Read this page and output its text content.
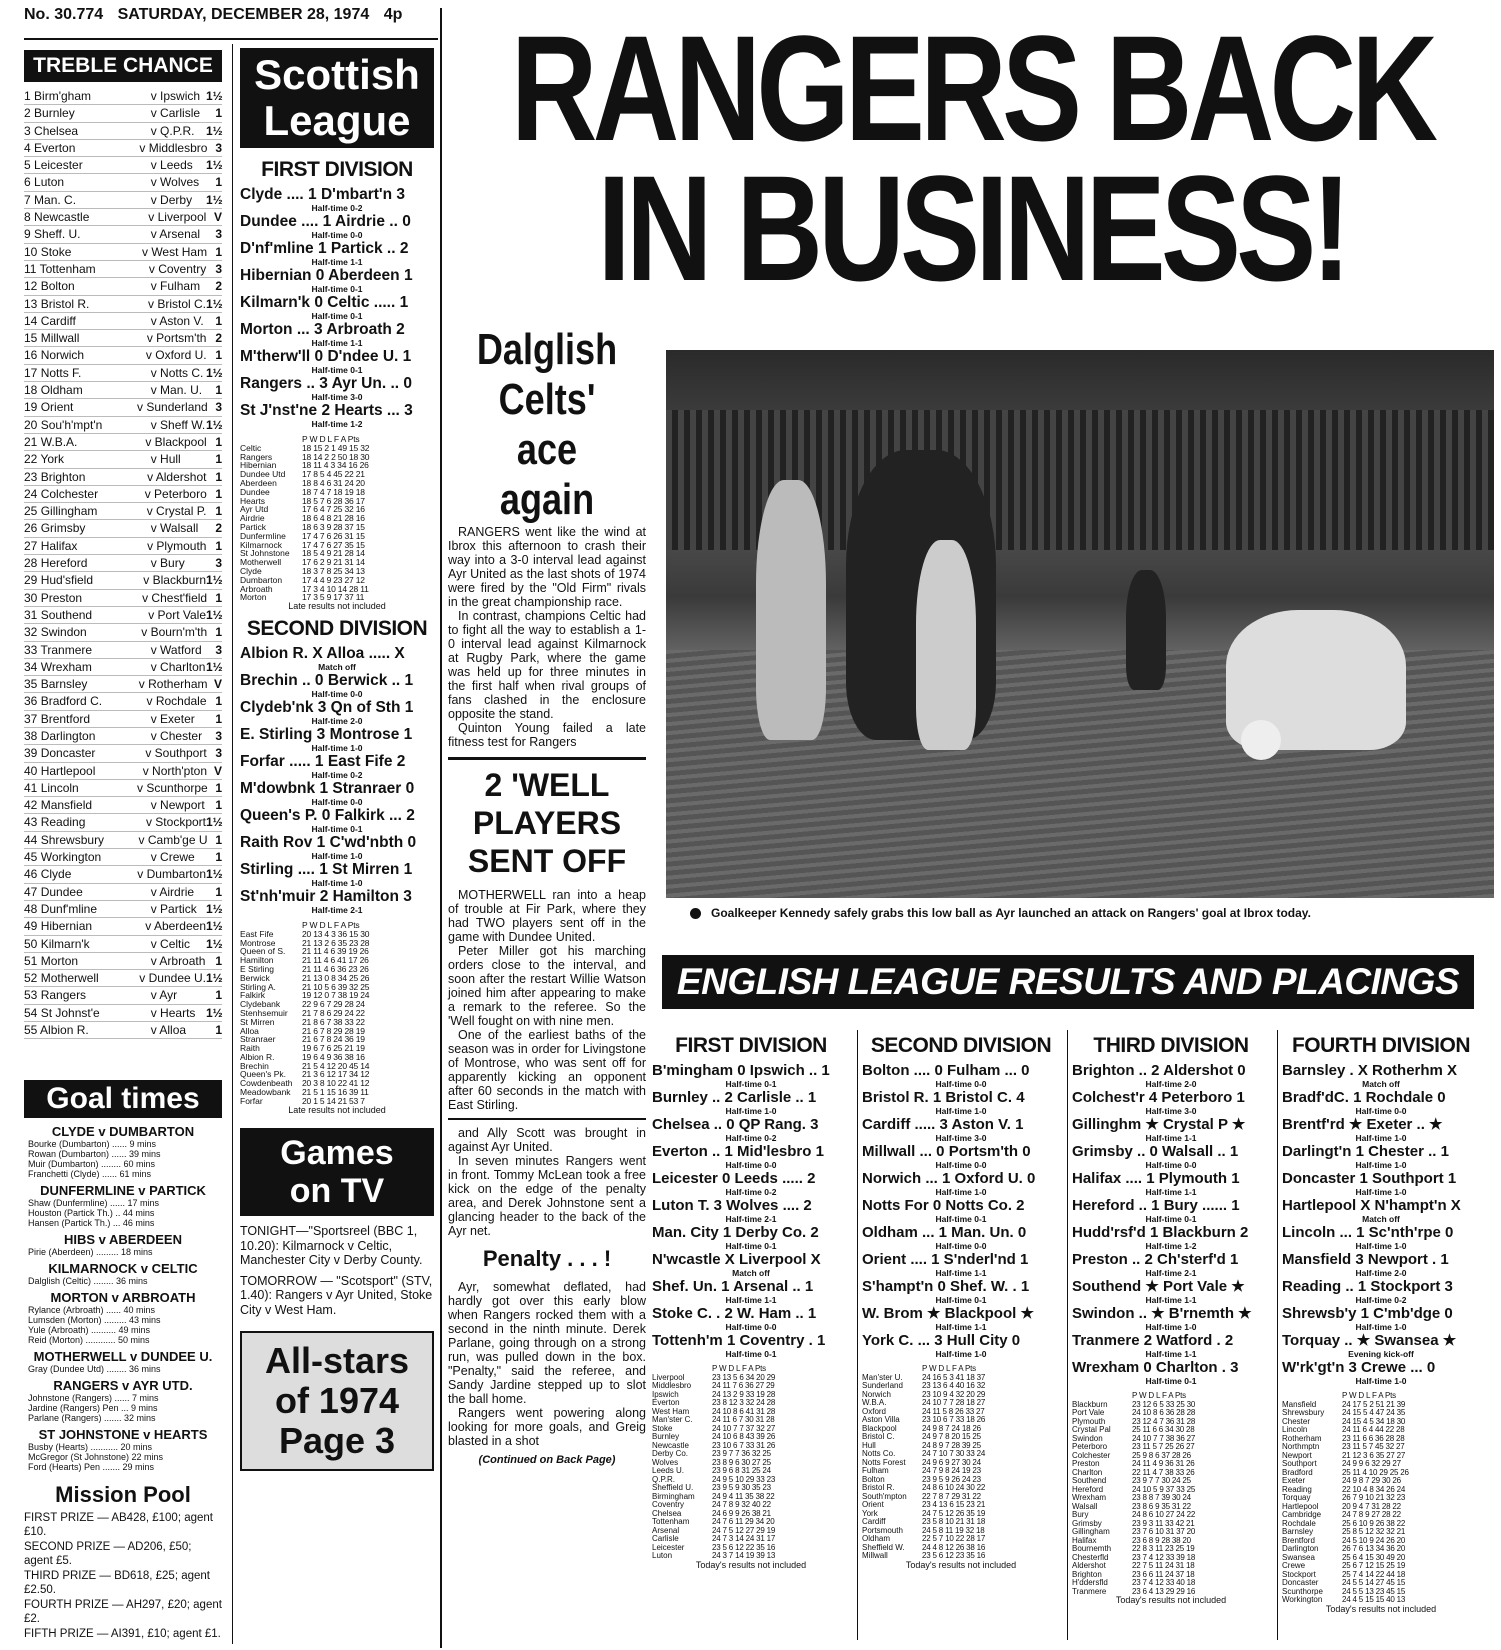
No. 30.774 SATURDAY, DECEMBER 28, 1974 4p
TREBLE CHANCE
1 Birm'gham	v Ipswich 1½
2 Burnley	v Carlisle	1
3 Chelsea	v Q.P.R. 1½
4 Everton	v Middlesbro 3
5 Leicester	v Leeds	1½
6 Luton	v Wolves	1
7 Man. C.	v Derby	1½
8 Newcastle	v Liverpool V
9 Sheff. U.	v Arsenal	3
10 Stoke	v West Ham 1
11 Tottenham	v Coventry 3
12 Bolton	v Fulham	2
13 Bristol R.	v Bristol C. 1½
14 Cardiff	v Aston V. 1
15 Millwall	v Portsm'th 2
16 Norwich	v Oxford U. 1
17 Notts F.	v Notts C. 1½
18 Oldham	v Man. U.	1
19 Orient	v Sunderland 3
20 Sou'h'mpt'n	v Sheff W. 1½
21 W.B.A.	v Blackpool 1
22 York	v Hull	1
23 Brighton	v Aldershot 1
24 Colchester	v Peterboro 1
25 Gillingham	v Crystal P. 1
26 Grimsby	v Walsall	2
27 Halifax	v Plymouth 1
28 Hereford	v Bury	3
29 Hud'sfield	v Blackburn 1½
30 Preston	v Chest'field 1
31 Southend	v Port Vale 1½
32 Swindon	v Bourn'm'th 1
33 Tranmere	v Watford	3
34 Wrexham	v Charlton 1½
35 Barnsley	v Rotherham V
36 Bradford C.	v Rochdale 1
37 Brentford	v Exeter	1
38 Darlington	v Chester	3
39 Doncaster	v Southport 3
40 Hartlepool	v North'pton V
41 Lincoln	v Scunthorpe 1
42 Mansfield	v Newport 1
43 Reading	v Stockport 1½
44 Shrewsbury	v Camb'ge U 1
45 Workington	v Crewe	1
46 Clyde	v Dumbarton 1½
47 Dundee	v Airdrie	1
48 Dunf'mline	v Partick 1½
49 Hibernian	v Aberdeen 1½
50 Kilmarn'k	v Celtic	1½
51 Morton	v Arbroath 1
52 Motherwell	v Dundee U. 1½
53 Rangers	v Ayr	1
54 St Johnst'e	v Hearts 1½
55 Albion R.	v Alloa	1
Goal times
CLYDE v DUMBARTON
Bourke (Dumbarton) ...... 9 mins
Rowan (Dumbarton) ...... 39 mins
Muir (Dumbarton) ........ 60 mins
Franchetti (Clyde) ...... 61 mins
DUNFERMLINE v PARTICK
Shaw (Dunfermline) ...... 17 mins
Houston (Partick Th.) .. 44 mins
Hansen (Partick Th.) ... 46 mins
HIBS v ABERDEEN
Pirie (Aberdeen) ......... 18 mins
KILMARNOCK v CELTIC
Dalglish (Celtic) ........ 36 mins
MORTON v ARBROATH
Rylance (Arbroath) ...... 40 mins
Lumsden (Morton) ......... 43 mins
Yule (Arbroath) .......... 49 mins
Reid (Morton) ............ 50 mins
MOTHERWELL v DUNDEE U.
Gray (Dundee Utd) ........ 36 mins
RANGERS v AYR UTD.
Johnstone (Rangers) ...... 7 mins
Jardine (Rangers) Pen ... 9 mins
Parlane (Rangers) ....... 32 mins
ST JOHNSTONE v HEARTS
Busby (Hearts) ........... 20 mins
McGregor (St Johnstone) 22 mins
Ford (Hearts) Pen ....... 29 mins
Mission Pool
FIRST PRIZE — AB428, £100; agent £10.
SECOND PRIZE — AD206, £50; agent £5.
THIRD PRIZE — BD618, £25; agent £2.50.
FOURTH PRIZE — AH297, £20; agent £2.
FIFTH PRIZE — AI391, £10; agent £1.
Scottish
League
FIRST DIVISION
Clyde .... 1 D'mbart'n 3
Half-time 0-2
Dundee .... 1 Airdrie .. 0
Half-time 0-0
D'nf'mline 1 Partick .. 2
Half-time 1-1
Hibernian 0 Aberdeen 1
Half-time 0-1
Kilmarn'k 0 Celtic ..... 1
Half-time 0-1
Morton ... 3 Arbroath 2
Half-time 1-1
M'therw'll 0 D'ndee U. 1
Half-time 0-1
Rangers .. 3 Ayr Un. .. 0
Half-time 3-0
St J'nst'ne 2 Hearts ... 3
Half-time 1-2
P W D L F A Pts
Celtic	18 15 2 1 49 15 32
Rangers	18 14 2 2 50 18 30
Hibernian	18 11 4 3 34 16 26
Dundee Utd	17 8 5 4 45 22 21
Aberdeen	18 8 4 6 31 24 20
Dundee	18 7 4 7 18 19 18
Hearts	18 5 7 6 28 36 17
Ayr Utd	17 6 4 7 25 32 16
Airdrie	18 6 4 8 21 28 16
Partick	18 6 3 9 28 37 15
Dunfermline	17 4 7 6 26 31 15
Kilmarnock	17 4 7 6 27 35 15
St Johnstone	18 5 4 9 21 28 14
Motherwell	17 6 2 9 21 31 14
Clyde	18 3 7 8 25 34 13
Dumbarton	17 4 4 9 23 27 12
Arbroath	17 3 4 10 14 28 11
Morton	17 3 5 9 17 37 11
Late results not included
SECOND DIVISION
Albion R. X Alloa ..... X
Match off
Brechin .. 0 Berwick .. 1
Half-time 0-0
Clydeb'nk 3 Qn of Sth 1
Half-time 2-0
E. Stirling 3 Montrose 1
Half-time 1-0
Forfar ..... 1 East Fife 2
Half-time 0-2
M'dowbnk 1 Stranraer 0
Half-time 0-0
Queen's P. 0 Falkirk ... 2
Half-time 0-1
Raith Rov 1 C'wd'nbth 0
Half-time 1-0
Stirling .... 1 St Mirren 1
Half-time 1-0
St'nh'muir 2 Hamilton 3
Half-time 2-1
P W D L F A Pts
East Fife	20 13 4 3 36 15 30
Montrose	21 13 2 6 35 23 28
Queen of S.	21 11 4 6 39 19 26
Hamilton	21 11 4 6 41 17 26
E Stirling	21 11 4 6 36 23 26
Berwick	21 13 0 8 34 25 26
Stirling A.	21 10 5 6 39 32 25
Falkirk	19 12 0 7 38 19 24
Clydebank	22 9 6 7 29 28 24
Stenhsemuir	21 7 8 6 29 24 22
St Mirren	21 8 6 7 38 33 22
Alloa	21 6 7 8 29 28 19
Stranraer	21 6 7 8 24 36 19
Raith	19 6 7 6 25 21 19
Albion R.	19 6 4 9 36 38 16
Brechin	21 5 4 12 20 45 14
Queen's Pk.	21 3 6 12 17 34 12
Cowdenbeath	20 3 8 10 22 41 12
Meadowbank	21 5 1 15 16 39 11
Forfar	20 1 5 14 21 53 7
Late results not included
Games
on TV
TONIGHT—"Sportsreel (BBC 1, 10.20): Kilmarnock v Celtic, Manchester City v Derby County.
TOMORROW — "Scotsport" (STV, 1.40): Rangers v Ayr United, Stoke City v West Ham.
All-stars
of 1974
Page 3
RANGERS BACK
IN BUSINESS!
Dalglish
Celts' ace
again

RANGERS went like the wind at Ibrox this afternoon to crash their way into a 3-0 interval lead against Ayr United as the last shots of 1974 were fired by the "Old Firm" rivals in the great championship race.

In contrast, champions Celtic had to fight all the way to establish a 1-0 interval lead against Kilmarnock at Rugby Park, where the game was held up for three minutes in the first half when rival groups of fans clashed in the enclosure opposite the stand.

Quinton Young failed a late fitness test for Rangers

2 'WELL PLAYERS SENT OFF

MOTHERWELL ran into a heap of trouble at Fir Park, where they had TWO players sent off in the game with Dundee United.

Peter Miller got his marching orders close to the interval, and soon after the restart Willie Watson joined him after appearing to make a remark to the referee. So the 'Well fought on with nine men.

One of the earliest baths of the season was in order for Livingstone of Montrose, who was sent off for apparently kicking an opponent after 60 seconds in the match with East Stirling.

and Ally Scott was brought in against Ayr United.

In seven minutes Rangers went in front. Tommy McLean took a free kick on the edge of the penalty area, and Derek Johnstone sent a glancing header to the back of the Ayr net.

Penalty . . . !

Ayr, somewhat deflated, had hardly got over this early blow when Rangers rocked them with a second in the ninth minute. Derek Parlane, going through on a strong run, was pulled down in the box. "Penalty," said the referee, and Sandy Jardine stepped up to slot the ball home.

Rangers went powering along looking for more goals, and Greig blasted in a shot

(Continued on Back Page)
Goalkeeper Kennedy safely grabs this low ball as Ayr launched an attack on Rangers' goal at Ibrox today.
ENGLISH LEAGUE RESULTS AND PLACINGS
FIRST DIVISION
B'mingham 0 Ipswich .. 1
Half-time 0-1
Burnley .. 2 Carlisle .. 1
Half-time 1-0
Chelsea .. 0 QP Rang. 3
Half-time 0-2
Everton .. 1 Mid'lesbro 1
Half-time 0-0
Leicester 0 Leeds ..... 2
Half-time 0-2
Luton T. 3 Wolves .... 2
Half-time 2-1
Man. City 1 Derby Co. 2
Half-time 0-1
N'wcastle X Liverpool X
Match off
Shef. Un. 1 Arsenal .. 1
Half-time 1-1
Stoke C. . 2 W. Ham .. 1
Half-time 0-0
Tottenh'm 1 Coventry . 1
Half-time 0-1
P W D L F A Pts
Liverpool	23 13 5 6 34 20 29
Middlesbro	24 11 7 6 36 27 29
Ipswich	24 13 2 9 33 19 28
Everton	23 8 12 3 32 24 28
West Ham	24 10 8 6 41 31 28
Man'ster C.	24 11 6 7 30 31 28
Stoke	24 10 7 7 37 32 27
Burnley	24 10 6 8 43 39 26
Newcastle	23 10 6 7 33 31 26
Derby Co.	23 9 7 7 36 32 25
Wolves	23 8 9 6 30 27 25
Leeds U.	23 9 6 8 31 25 24
Q.P.R.	24 9 5 10 29 33 23
Sheffield U.	23 9 5 9 30 35 23
Birmingham	24 9 4 11 35 38 22
Coventry	24 7 8 9 32 40 22
Chelsea	24 6 9 9 26 38 21
Tottenham	24 7 6 11 29 34 20
Arsenal	24 7 5 12 27 29 19
Carlisle	24 7 3 14 24 31 17
Leicester	23 5 6 12 22 35 16
Luton	24 3 7 14 19 39 13
Today's results not included
SECOND DIVISION
Bolton .... 0 Fulham ... 0
Half-time 0-0
Bristol R. 1 Bristol C. 4
Half-time 1-0
Cardiff ..... 3 Aston V. 1
Half-time 3-0
Millwall ... 0 Portsm'th 0
Half-time 0-0
Norwich ... 1 Oxford U. 0
Half-time 1-0
Notts For 0 Notts Co. 2
Half-time 0-1
Oldham ... 1 Man. Un. 0
Half-time 0-0
Orient .... 1 S'nderl'nd 1
Half-time 1-1
S'hampt'n 0 Shef. W. . 1
Half-time 0-1
W. Brom ★ Blackpool ★
Half-time 1-1
York C. ... 3 Hull City 0
Half-time 1-0
P W D L F A Pts
Man'ster U.	24 16 5 3 41 18 37
Sunderland	23 13 6 4 40 16 32
Norwich	23 10 9 4 32 20 29
W.B.A.	24 10 7 7 28 18 27
Oxford	24 11 5 8 26 33 27
Aston Villa	23 10 6 7 33 18 26
Blackpool	24 9 8 7 24 18 26
Bristol C.	24 9 7 8 20 15 25
Hull	24 8 9 7 28 39 25
Notts Co.	24 7 10 7 30 33 24
Notts Forest	24 9 6 9 27 30 24
Fulham	24 7 9 8 24 19 23
Bolton	23 9 5 9 26 24 23
Bristol R.	24 8 6 10 24 30 22
South'mpton	22 7 8 7 29 31 22
Orient	23 4 13 6 15 23 21
York	24 7 5 12 26 35 19
Cardiff	23 5 8 10 21 31 18
Portsmouth	24 5 8 11 19 32 18
Oldham	22 5 7 10 22 28 17
Sheffield W.	24 4 8 12 26 38 16
Millwall	23 5 6 12 23 35 16
Today's results not included
THIRD DIVISION
Brighton .. 2 Aldershot 0
Half-time 2-0
Colchest'r 4 Peterboro 1
Half-time 3-0
Gillinghm ★ Crystal P ★
Half-time 1-1
Grimsby .. 0 Walsall .. 1
Half-time 0-0
Halifax .... 1 Plymouth 1
Half-time 1-1
Hereford .. 1 Bury ...... 1
Half-time 0-1
Hudd'rsf'd 1 Blackburn 2
Half-time 1-2
Preston .. 2 Ch'sterf'd 1
Half-time 2-1
Southend ★ Port Vale ★
Half-time 1-1
Swindon .. ★ B'rnemth ★
Half-time 1-0
Tranmere 2 Watford . 2
Half-time 1-1
Wrexham 0 Charlton . 3
Half-time 0-1
P W D L F A Pts
Blackburn	23 12 6 5 33 25 30
Port Vale	24 10 8 6 36 28 28
Plymouth	23 12 4 7 36 31 28
Crystal Pal	25 11 6 6 34 30 28
Swindon	24 10 7 7 38 36 27
Peterboro	23 11 5 7 25 26 27
Colchester	25 9 8 6 37 28 26
Preston	24 11 4 9 36 31 26
Charlton	22 11 4 7 38 33 26
Southend	23 9 7 7 30 24 25
Hereford	24 10 5 9 37 33 25
Wrexham	23 8 8 7 39 30 24
Walsall	23 8 6 9 35 31 22
Bury	24 8 6 10 27 24 22
Grimsby	23 9 3 11 33 42 21
Gillingham	23 7 6 10 31 37 20
Halifax	23 6 8 9 28 38 20
Bournemth	22 8 3 11 23 25 19
Chesterfld	23 7 4 12 33 39 18
Aldershot	22 7 5 11 24 31 18
Brighton	23 6 6 11 24 37 18
H'ddersfld	23 7 4 12 33 40 18
Tranmere	23 6 4 13 29 29 16
Today's results not included
FOURTH DIVISION
Barnsley . X Rotherhm X
Match off
Bradf'dC. 1 Rochdale 0
Half-time 0-0
Brentf'rd ★ Exeter .. ★
Half-time 1-0
Darlingt'n 1 Chester .. 1
Half-time 1-0
Doncaster 1 Southport 1
Half-time 1-0
Hartlepool X N'hampt'n X
Match off
Lincoln ... 1 Sc'nth'rpe 0
Half-time 1-0
Mansfield 3 Newport . 1
Half-time 2-0
Reading .. 1 Stockport 3
Half-time 0-2
Shrewsb'y 1 C'mb'dge 0
Half-time 1-0
Torquay .. ★ Swansea ★
Evening kick-off
W'rk'gt'n 3 Crewe ... 0
Half-time 1-0
P W D L F A Pts
Mansfield	24 17 5 2 51 21 39
Shrewsbury	24 15 5 4 47 24 35
Chester	24 15 4 5 34 18 30
Lincoln	24 11 6 4 44 22 28
Rotherham	23 11 6 6 36 28 28
Northmptn	23 11 5 7 45 32 27
Newport	21 12 3 6 35 27 27
Southport	24 9 9 6 32 29 27
Bradford	25 11 4 10 29 25 26
Exeter	24 9 8 7 29 30 26
Reading	22 10 4 8 34 26 24
Torquay	26 7 9 10 21 32 23
Hartlepool	20 9 4 7 31 28 22
Cambridge	24 7 8 9 27 28 22
Rochdale	25 6 10 9 26 38 22
Barnsley	25 8 5 12 32 32 21
Brentford	24 5 10 9 24 26 20
Darlington	26 7 6 13 34 36 20
Swansea	25 6 4 15 30 49 20
Crewe	25 6 7 12 15 25 19
Stockport	25 7 4 14 22 44 18
Doncaster	24 5 5 14 27 45 15
Scunthorpe	24 5 5 13 23 45 15
Workington	24 4 5 15 15 40 13
Today's results not included
